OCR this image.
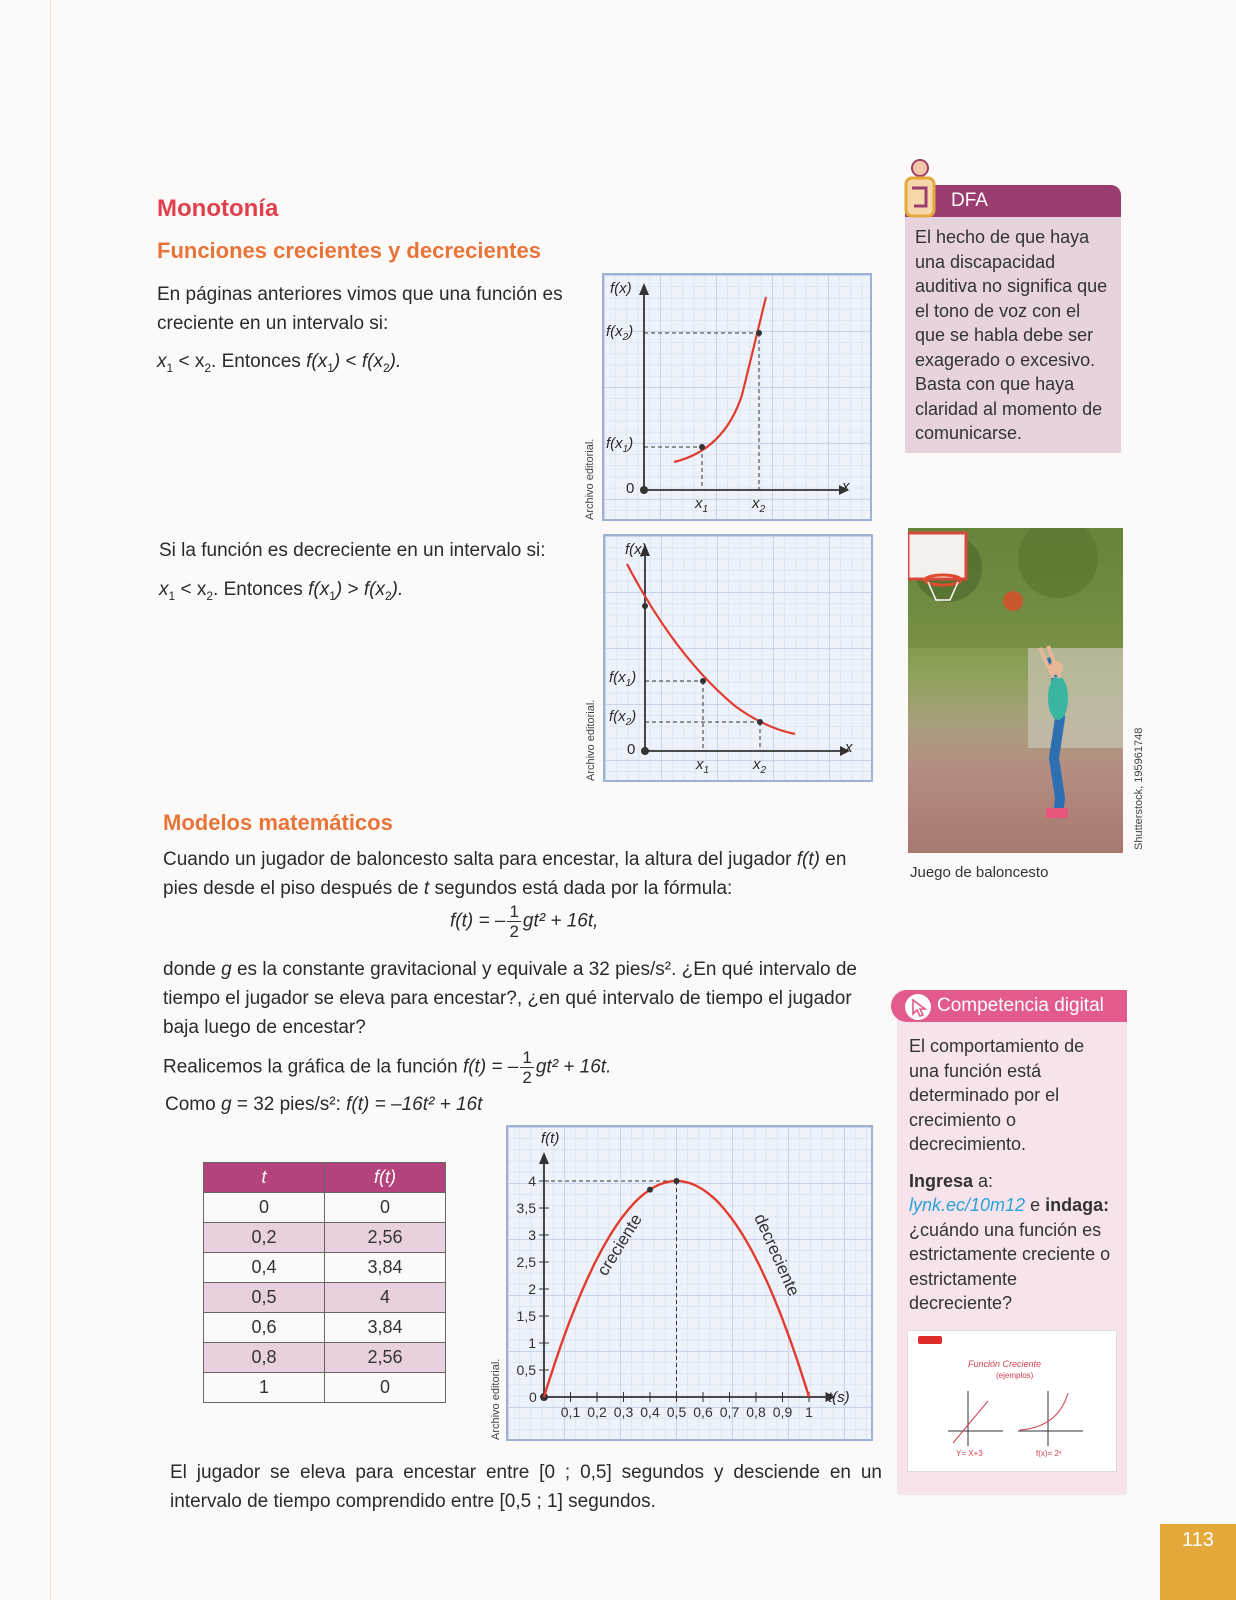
Monotonía
Funciones crecientes y decrecientes
En páginas anteriores vimos que una función es creciente en un intervalo si:
$x_1 < x_2$. Entonces $f(x_1) < f(x_2)$.
Si la función es decreciente en un intervalo si:
$x_1 < x_2$. Entonces $f(x_1) > f(x_2)$.
Archivo editorial.
f(x)
$f(x_2)$
$f(x_1)$
0	x
$x_1$	$x_2$
Archivo editorial.
f(x)
$f(x_1)$
$f(x_2)$
0	x
$x_1$	$x_2$
DFA
El hecho de que haya una discapacidad auditiva no significa que el tono de voz con el que se habla debe ser exagerado o excesivo. Basta con que haya claridad al momento de comunicarse.
Shutterstock, 195961748
Juego de baloncesto
Modelos matemáticos
Cuando un jugador de baloncesto salta para encestar, la altura del jugador f(t) en pies desde el piso después de t segundos está dada por la fórmula:
f(t) = – $\frac{1}{2} gt^2 + 16t$,
donde g es la constante gravitacional y equivale a 32 pies/s². ¿En qué intervalo de tiempo el jugador se eleva para encestar?, ¿en qué intervalo de tiempo el jugador baja luego de encestar?
Realicemos la gráfica de la función f(t) = – $\frac{1}{2} gt^2 + 16t$.
Como g = 32 pies/s²: f(t) = –16t² + 16t
t	f(t)
0	0
0,2	2,56
0,4	3,84
0,5	4
0,6	3,84
0,8	2,56
1	0	Archivo editorial. 0
0,1 0,2 0,3 0,4 0,5 0,6 0,7 0,8 0,9 1
0,5
1
1,5
2
2,5
3
3,5
4
creciente	decreciente
f(t)
t(s)
El jugador se eleva para encestar entre [0 ; 0,5] segundos y desciende en un intervalo de tiempo comprendido entre [0,5 ; 1] segundos.
Competencia digital
El comportamiento de una función está determinado por el crecimiento o decrecimiento.
Ingresa a:
lynk.ec/10m12 e indaga:
¿cuándo una función es estrictamente creciente o estrictamente decreciente?
Función Creciente
(ejemplos)
Y= X+3	f(x)= 2ˣ
113
